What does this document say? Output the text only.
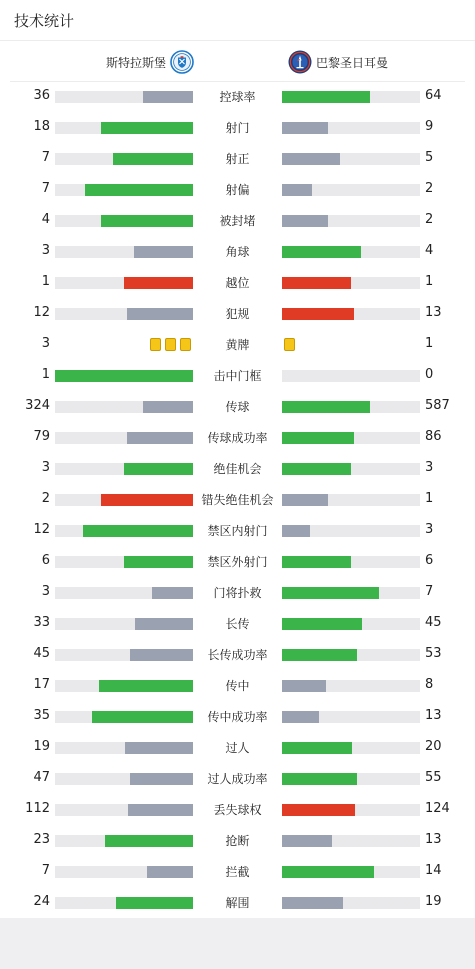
技术统计
斯特拉斯堡	巴黎圣日耳曼
36	控球率	64
18	射门	9
7	射正	5
7	射偏	2
4	被封堵	2
3	角球	4
1	越位	1
12	犯规	13
3	黄牌	1
1	击中门框	0
324	传球	587
79	传球成功率	86
3	绝佳机会	3
2	错失绝佳机会	1
12	禁区内射门	3
6	禁区外射门	6
3	门将扑救	7
33	长传	45
45	长传成功率	53
17	传中	8
35	传中成功率	13
19	过人	20
47	过人成功率	55
112	丢失球权	124
23	抢断	13
7	拦截	14
24	解围	19
